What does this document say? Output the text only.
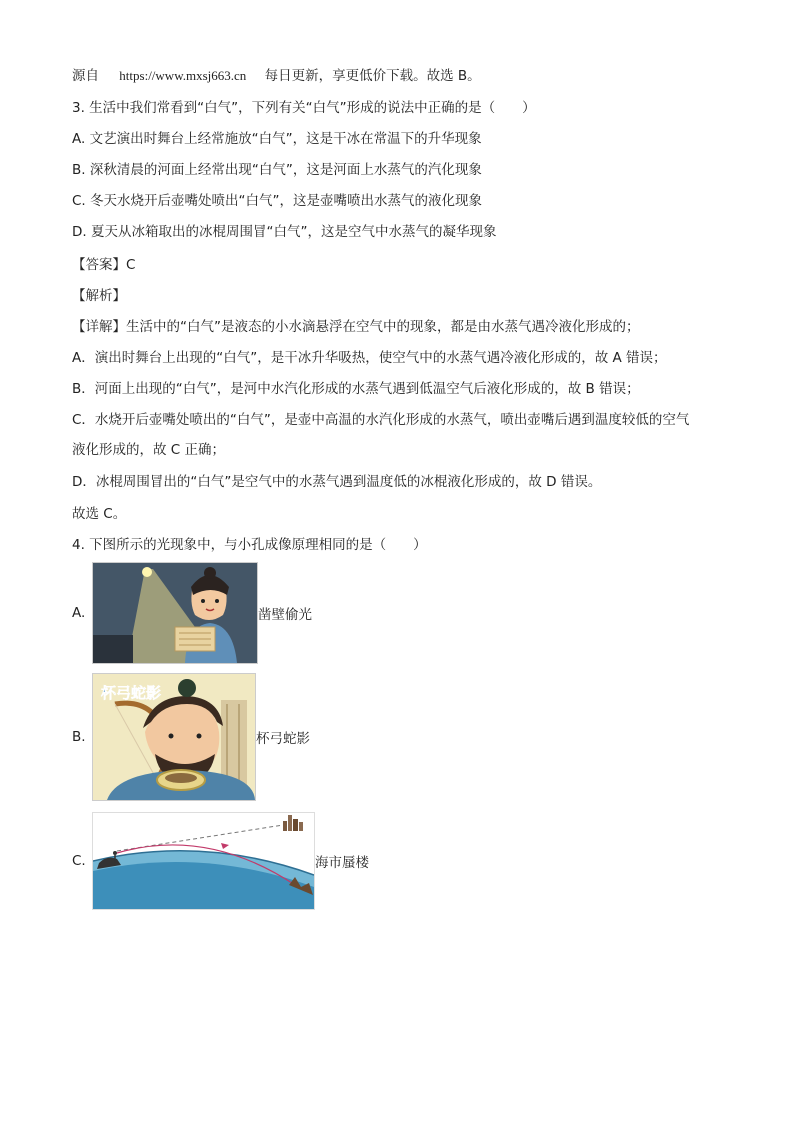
源自 https://www.mxsj663.cn 每日更新，享更低价下载。故选 B。
3. 生活中我们常看到“白气”，下列有关“白气”形成的说法中正确的是（　　）
A. 文艺演出时舞台上经常施放“白气”，这是干冰在常温下的升华现象
B. 深秋清晨的河面上经常出现“白气”，这是河面上水蒸气的汽化现象
C. 冬天水烧开后壶嘴处喷出“白气”，这是壶嘴喷出水蒸气的液化现象
D. 夏天从冰箱取出的冰棍周围冒“白气”，这是空气中水蒸气的凝华现象
【答案】C
【解析】
【详解】生活中的“白气”是液态的小水滴悬浮在空气中的现象，都是由水蒸气遇冷液化形成的；
A．演出时舞台上出现的“白气”，是干冰升华吸热，使空气中的水蒸气遇冷液化形成的，故 A 错误；
B．河面上出现的“白气”，是河中水汽化形成的水蒸气遇到低温空气后液化形成的，故 B 错误；
C．水烧开后壶嘴处喷出的“白气”，是壶中高温的水汽化形成的水蒸气，喷出壶嘴后遇到温度较低的空气
液化形成的，故 C 正确；
D．冰棍周围冒出的“白气”是空气中的水蒸气遇到温度低的冰棍液化形成的，故 D 错误。
故选 C。
4. 下图所示的光现象中，与小孔成像原理相同的是（　　）
A.	凿壁偷光
B.
杯弓蛇影
杯弓蛇影
C.	海市蜃楼
